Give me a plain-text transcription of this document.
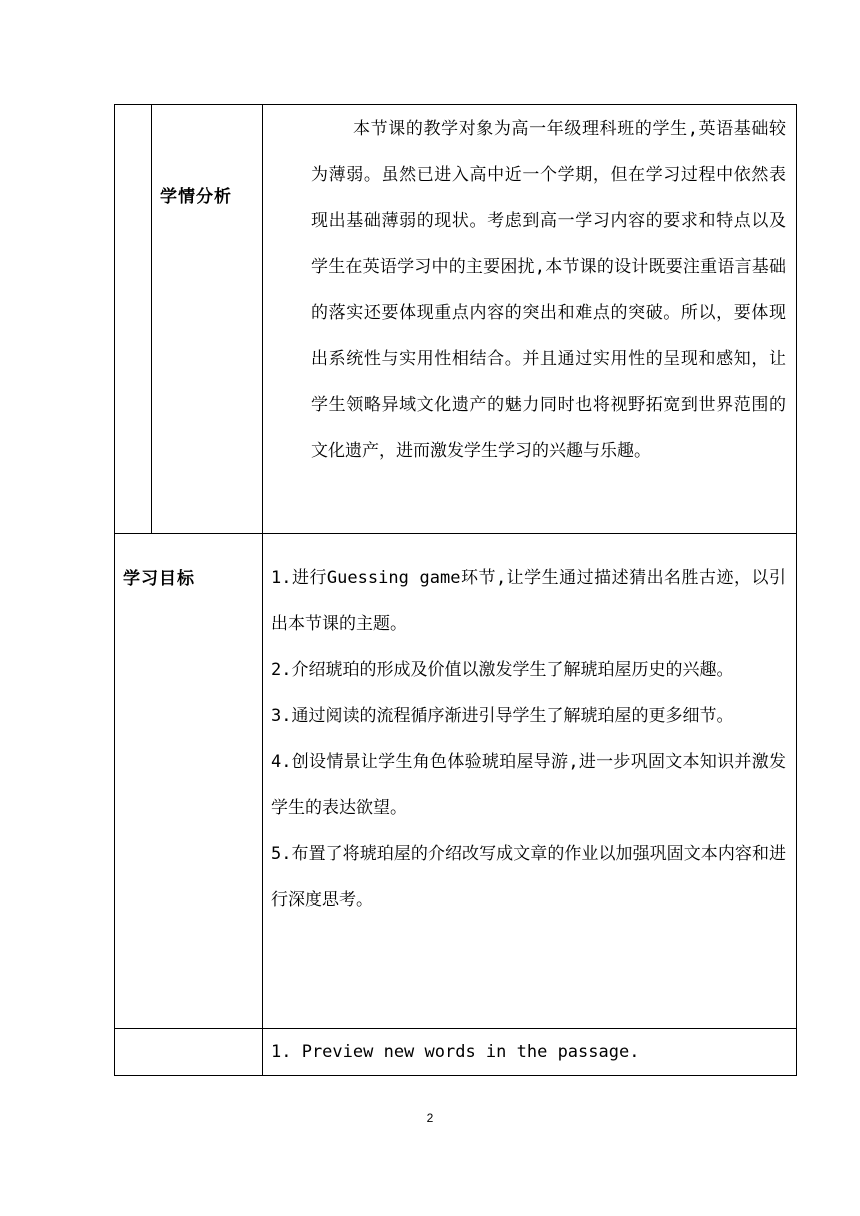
	学情分析	本节课的教学对象为高一年级理科班的学生,英语基础较为薄弱。虽然已进入高中近一个学期，但在学习过程中依然表现出基础薄弱的现状。考虑到高一学习内容的要求和特点以及学生在英语学习中的主要困扰,本节课的设计既要注重语言基础的落实还要体现重点内容的突出和难点的突破。所以，要体现出系统性与实用性相结合。并且通过实用性的呈现和感知，让学生领略异域文化遗产的魅力同时也将视野拓宽到世界范围的文化遗产，进而激发学生学习的兴趣与乐趣。

学习目标		1.进行Guessing game环节,让学生通过描述猜出名胜古迹，以引出本节课的主题。
2.介绍琥珀的形成及价值以激发学生了解琥珀屋历史的兴趣。
3.通过阅读的流程循序渐进引导学生了解琥珀屋的更多细节。
4.创设情景让学生角色体验琥珀屋导游,进一步巩固文本知识并激发学生的表达欲望。
5.布置了将琥珀屋的介绍改写成文章的作业以加强巩固文本内容和进行深度思考。

		1. Preview new words in the passage.
2
